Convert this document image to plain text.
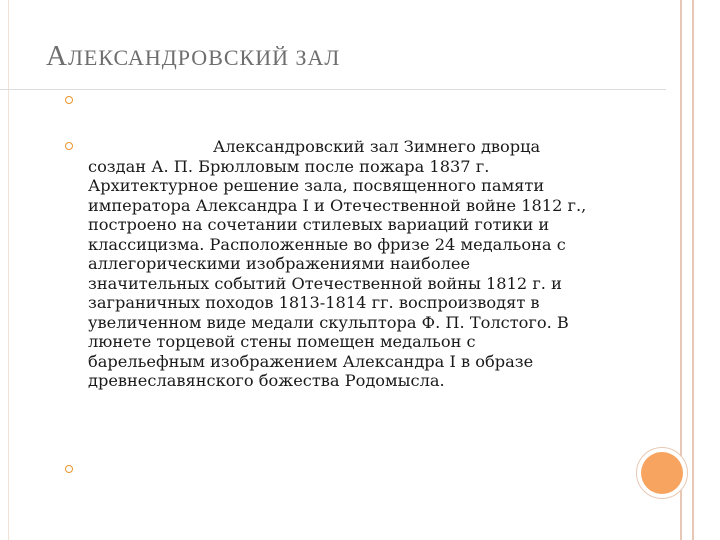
АЛЕКСАНДРОВСКИЙ ЗАЛ
Александровский зал Зимнего дворца
создан А. П. Брюлловым после пожара 1837 г.
Архитектурное решение зала, посвященного памяти
императора Александра I и Отечественной войне 1812 г.,
построено на сочетании стилевых вариаций готики и
классицизма. Расположенные во фризе 24 медальона с
аллегорическими изображениями наиболее
значительных событий Отечественной войны 1812 г. и
заграничных походов 1813-1814 гг. воспроизводят в
увеличенном виде медали скульптора Ф. П. Толстого. В
люнете торцевой стены помещен медальон с
барельефным изображением Александра I в образе
древнеславянского божества Родомысла.
